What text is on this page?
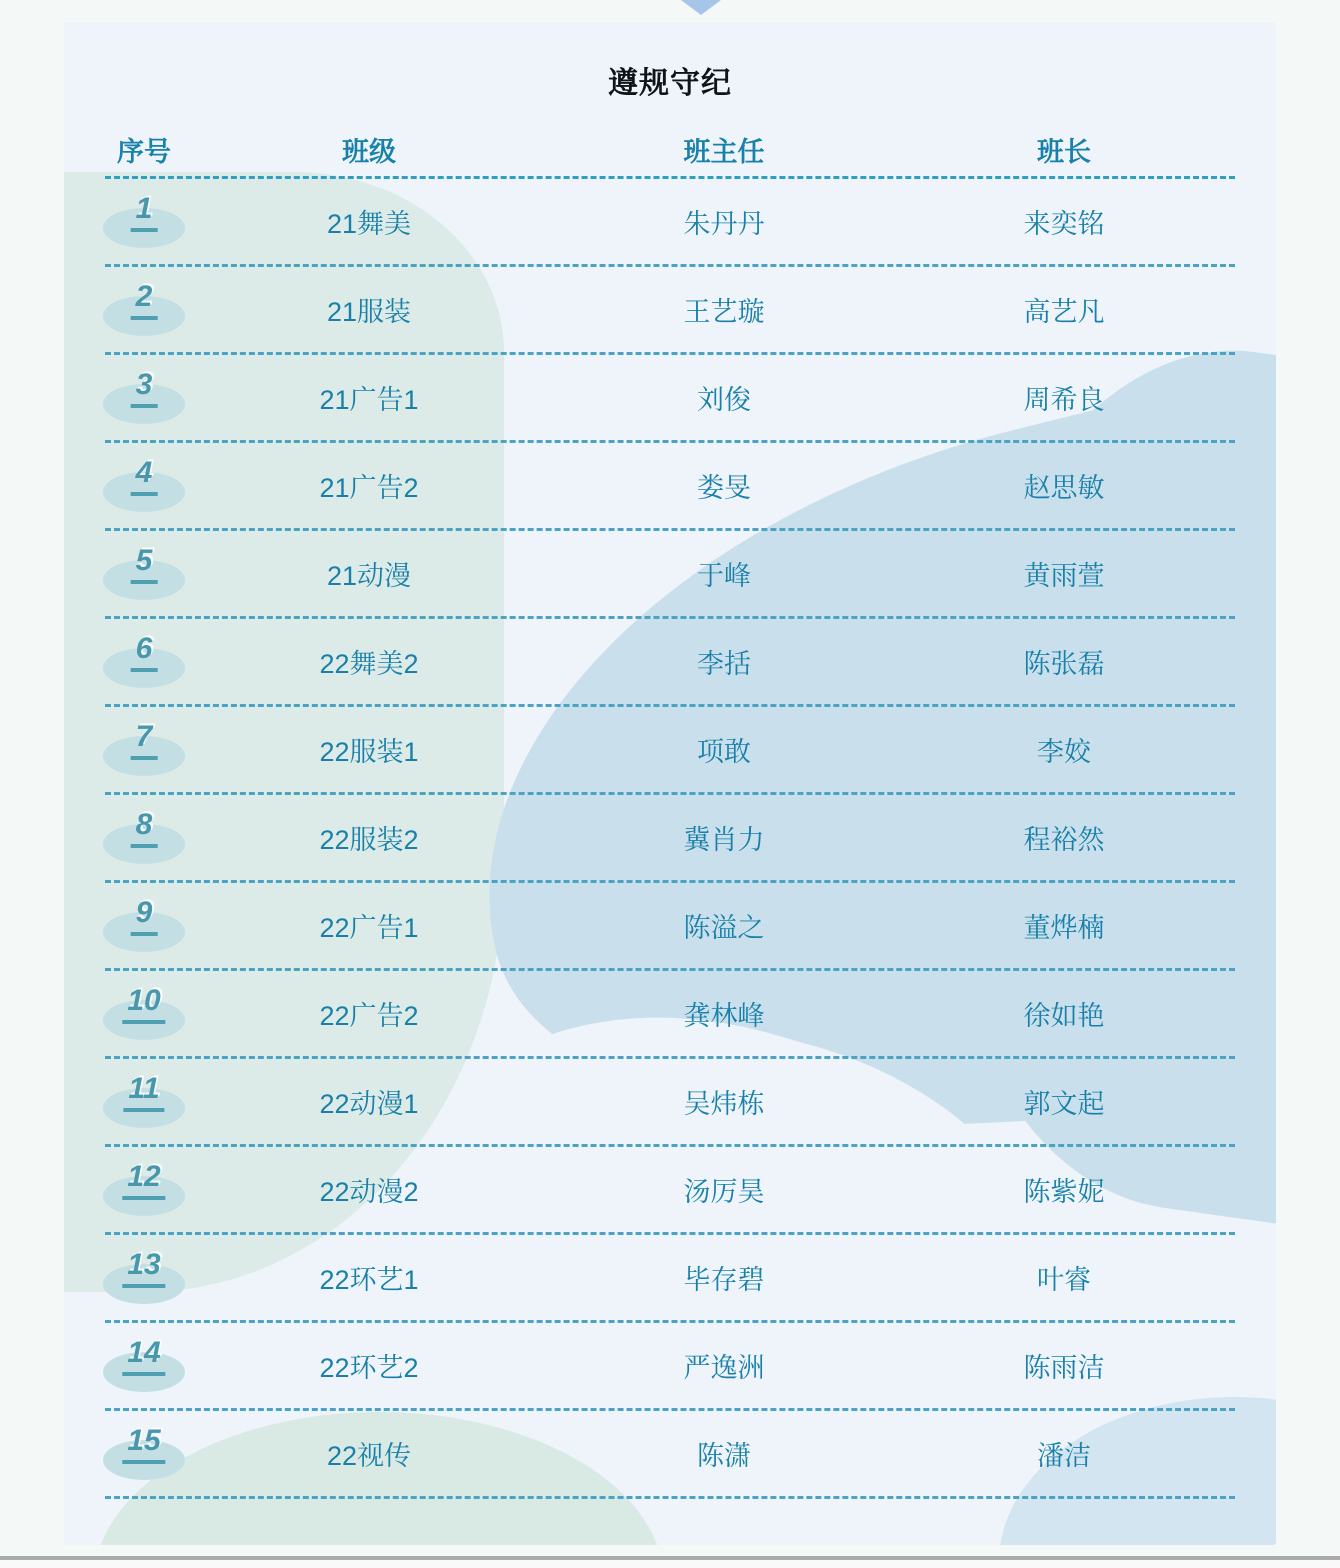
遵规守纪
序号	班级	班主任	班长
1	21舞美	朱丹丹	来奕铭
2	21服装	王艺璇	高艺凡
3	21广告1	刘俊	周希良
4	21广告2	娄旻	赵思敏
5	21动漫	于峰	黄雨萱
6	22舞美2	李括	陈张磊
7	22服装1	项敢	李姣
8	22服装2	冀肖力	程裕然
9	22广告1	陈溢之	董烨楠
10	22广告2	龚林峰	徐如艳
11	22动漫1	吴炜栋	郭文起
12	22动漫2	汤厉昊	陈紫妮
13	22环艺1	毕存碧	叶睿
14	22环艺2	严逸洲	陈雨洁
15	22视传	陈潇	潘洁
